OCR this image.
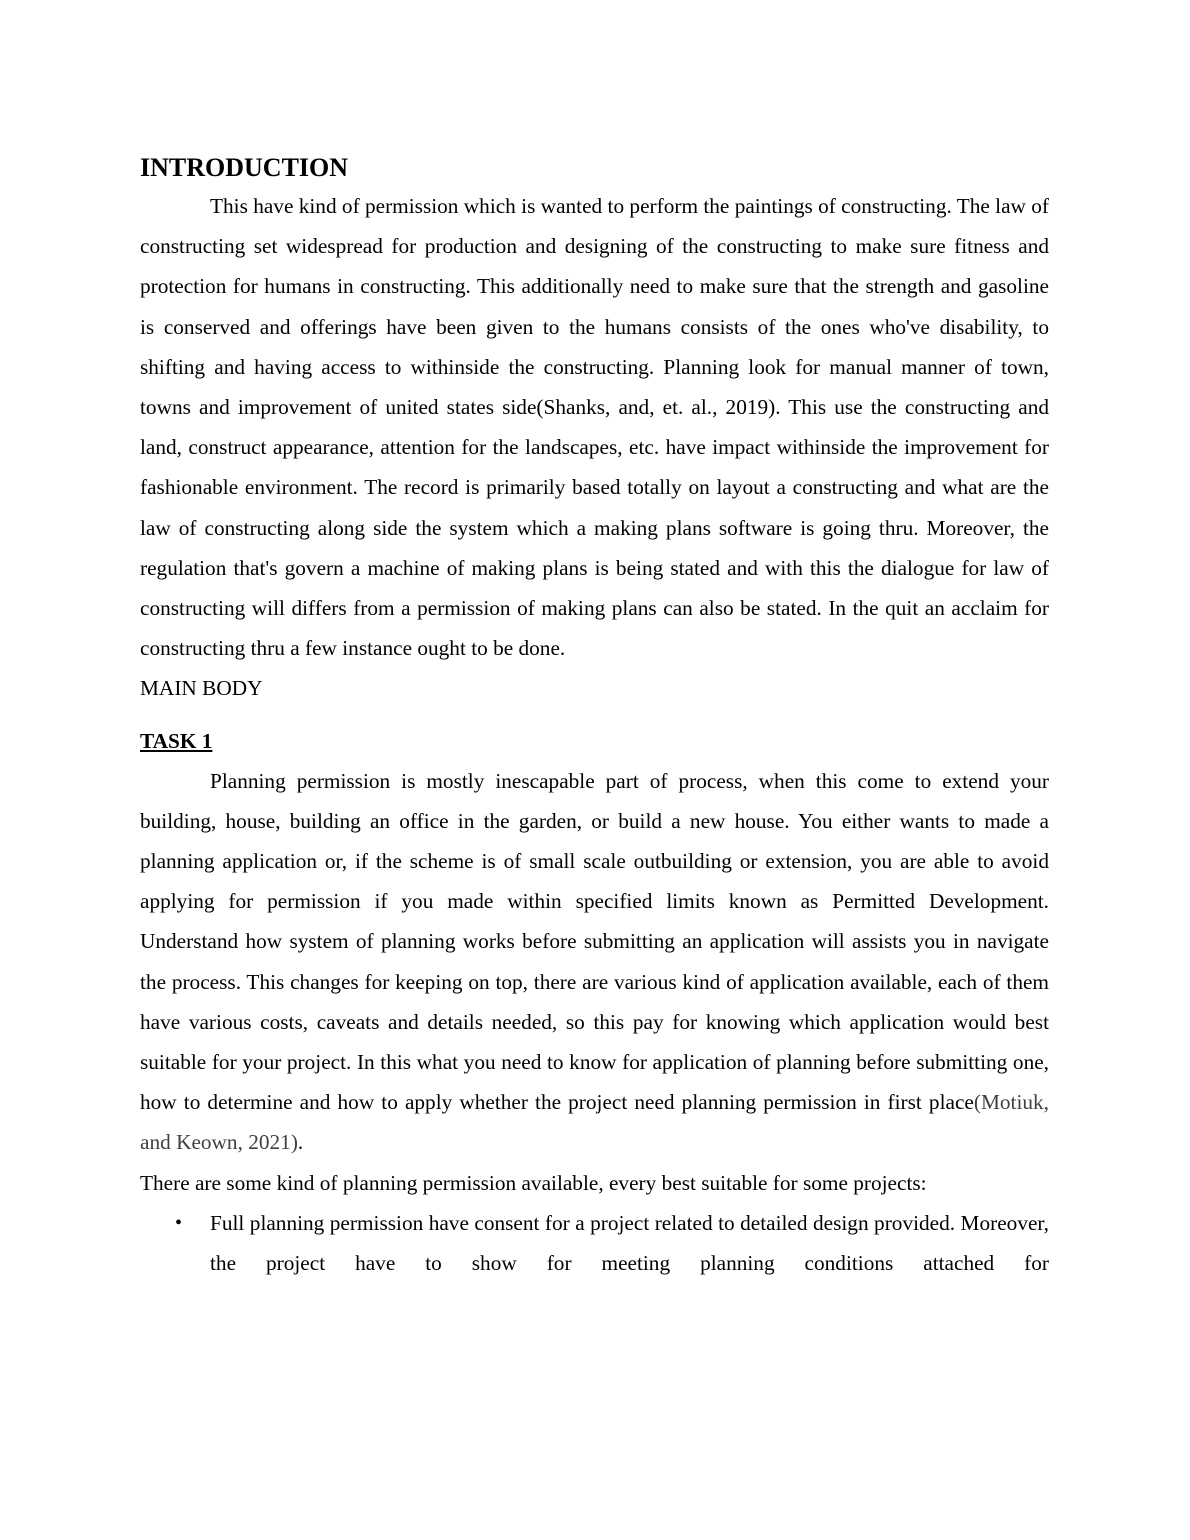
INTRODUCTION

This have kind of permission which is wanted to perform the paintings of constructing. The law of constructing set widespread for production and designing of the constructing to make sure fitness and protection for humans in constructing. This additionally need to make sure that the strength and gasoline is conserved and offerings have been given to the humans consists of the ones who've disability, to shifting and having access to withinside the constructing. Planning look for manual manner of town, towns and improvement of united states side(Shanks, and, et. al., 2019). This use the constructing and land, construct appearance, attention for the landscapes, etc. have impact withinside the improvement for fashionable environment. The record is primarily based totally on layout a constructing and what are the law of constructing along side the system which a making plans software is going thru. Moreover, the regulation that's govern a machine of making plans is being stated and with this the dialogue for law of constructing will differs from a permission of making plans can also be stated. In the quit an acclaim for constructing thru a few instance ought to be done.

MAIN BODY

TASK 1

Planning permission is mostly inescapable part of process, when this come to extend your building, house, building an office in the garden, or build a new house. You either wants to made a planning application or, if the scheme is of small scale outbuilding or extension, you are able to avoid applying for permission if you made within specified limits known as Permitted Development. Understand how system of planning works before submitting an application will assists you in navigate the process. This changes for keeping on top, there are various kind of application available, each of them have various costs, caveats and details needed, so this pay for knowing which application would best suitable for your project. In this what you need to know for application of planning before submitting one, how to determine and how to apply whether the project need planning permission in first place(Motiuk, and Keown, 2021).

There are some kind of planning permission available, every best suitable for some projects:

• Full planning permission have consent for a project related to detailed design provided. Moreover, the project have to show for meeting planning conditions attached for
